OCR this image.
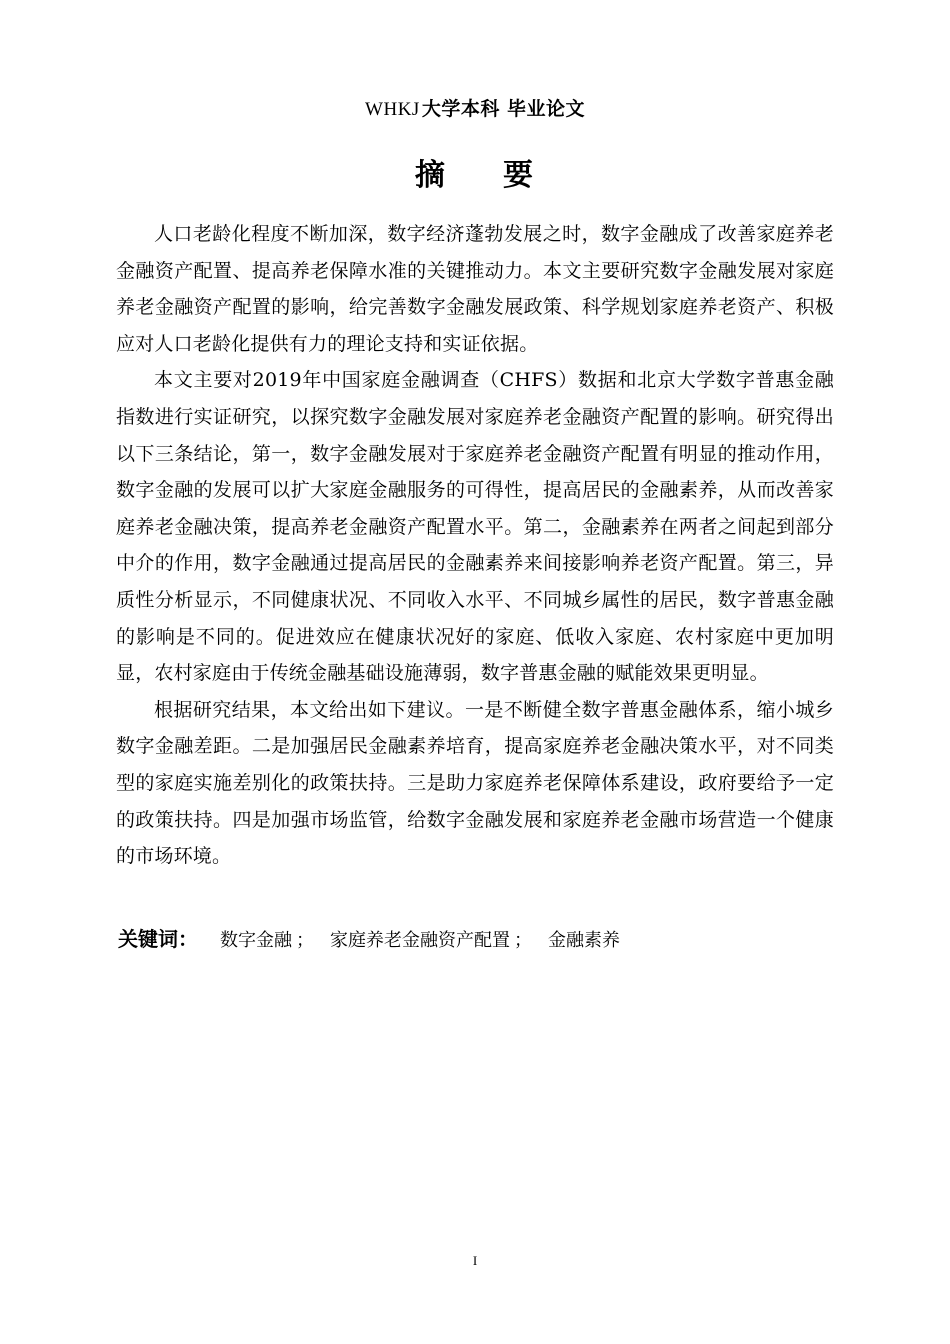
WHKJ 大学本科 毕业论文
摘 要

人口老龄化程度不断加深，数字经济蓬勃发展之时，数字金融成了改善家庭养老金融资产配置、提高养老保障水准的关键推动力。本文主要研究数字金融发展对家庭养老金融资产配置的影响，给完善数字金融发展政策、科学规划家庭养老资产、积极应对人口老龄化提供有力的理论支持和实证依据。

本文主要对2019年中国家庭金融调查（CHFS）数据和北京大学数字普惠金融指数进行实证研究，以探究数字金融发展对家庭养老金融资产配置的影响。研究得出以下三条结论，第一，数字金融发展对于家庭养老金融资产配置有明显的推动作用，数字金融的发展可以扩大家庭金融服务的可得性，提高居民的金融素养，从而改善家庭养老金融决策，提高养老金融资产配置水平。第二，金融素养在两者之间起到部分中介的作用，数字金融通过提高居民的金融素养来间接影响养老资产配置。第三，异质性分析显示，不同健康状况、不同收入水平、不同城乡属性的居民，数字普惠金融的影响是不同的。促进效应在健康状况好的家庭、低收入家庭、农村家庭中更加明显，农村家庭由于传统金融基础设施薄弱，数字普惠金融的赋能效果更明显。

根据研究结果，本文给出如下建议。一是不断健全数字普惠金融体系，缩小城乡数字金融差距。二是加强居民金融素养培育，提高家庭养老金融决策水平，对不同类型的家庭实施差别化的政策扶持。三是助力家庭养老保障体系建设，政府要给予一定的政策扶持。四是加强市场监管，给数字金融发展和家庭养老金融市场营造一个健康的市场环境。

关键词： 数字金融 ； 家庭养老金融资产配置 ； 金融素养
I
